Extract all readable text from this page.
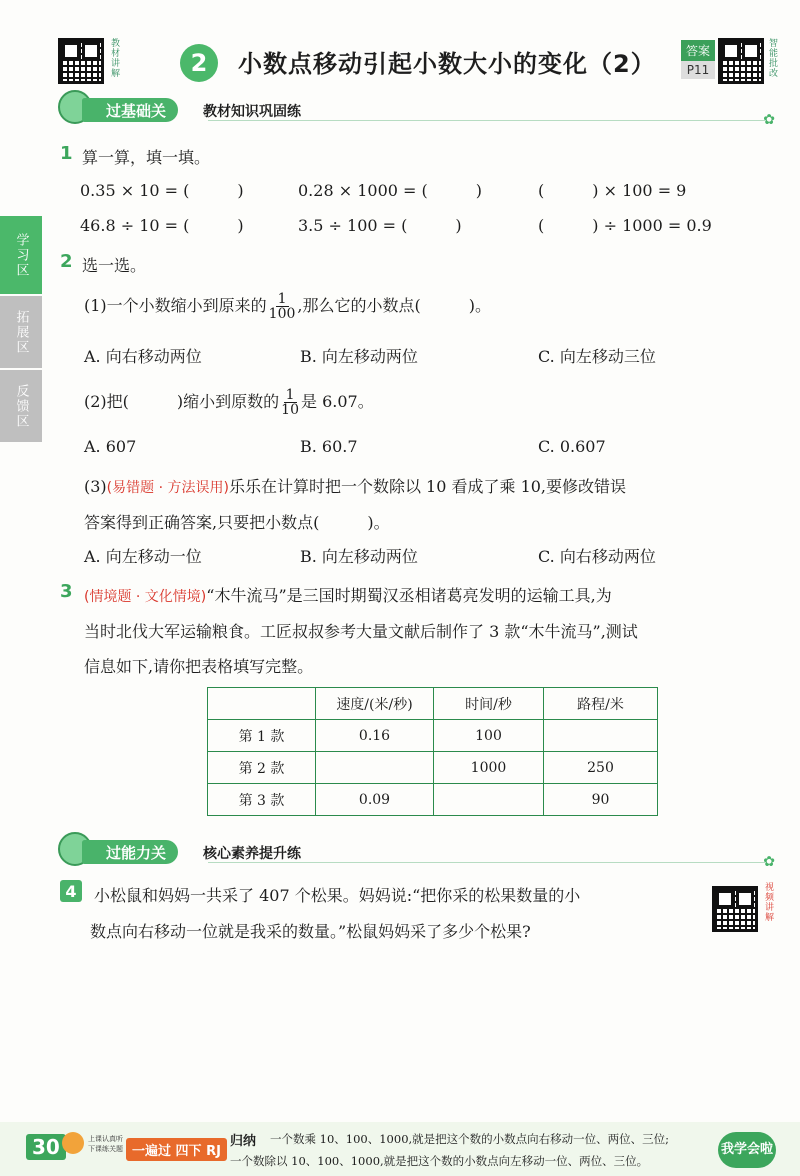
教材讲解	2	小数点移动引起小数大小的变化（2）	答案
P11	智能批改
学习区
拓展区
反馈区
过基础关	教材知识巩固练	✿
1 算一算，填一填。
0.35 × 10 = (　　　)	0.28 × 1000 = (　　　)	(　　　) × 100 = 9
46.8 ÷ 10 = (　　　)	3.5 ÷ 100 = (　　　)	(　　　) ÷ 1000 = 0.9
2 选一选。
(1)一个小数缩小到原来的 $\frac{1}{100}$ ,那么它的小数点(　　　)。
A. 向右移动两位	B. 向左移动两位	C. 向左移动三位
(2)把(　　　)缩小到原数的 $\frac{1}{10}$ 是 6.07。
A. 607	B. 60.7	C. 0.607
(3)(易错题 · 方法误用)乐乐在计算时把一个数除以 10 看成了乘 10,要修改错误
答案得到正确答案,只要把小数点(　　　)。
A. 向左移动一位	B. 向左移动两位	C. 向右移动两位
3 (情境题 · 文化情境)“木牛流马”是三国时期蜀汉丞相诸葛亮发明的运输工具,为
当时北伐大军运输粮食。工匠叔叔参考大量文献后制作了 3 款“木牛流马”,测试
信息如下,请你把表格填写完整。
	速度/(米/秒)	时间/秒	路程/米
第 1 款	0.16	100	
第 2 款		1000	250
第 3 款	0.09		90
过能力关	核心素养提升练	✿
4	小松鼠和妈妈一共采了 407 个松果。妈妈说:“把你采的松果数量的小
数点向右移动一位就是我采的数量。”松鼠妈妈采了多少个松果?
视频讲解
30	上课认真听
下课练关题 一遍过 四下 RJ
归纳 一个数乘 10、100、1000,就是把这个数的小数点向右移动一位、两位、三位;
一个数除以 10、100、1000,就是把这个数的小数点向左移动一位、两位、三位。
我学会啦
